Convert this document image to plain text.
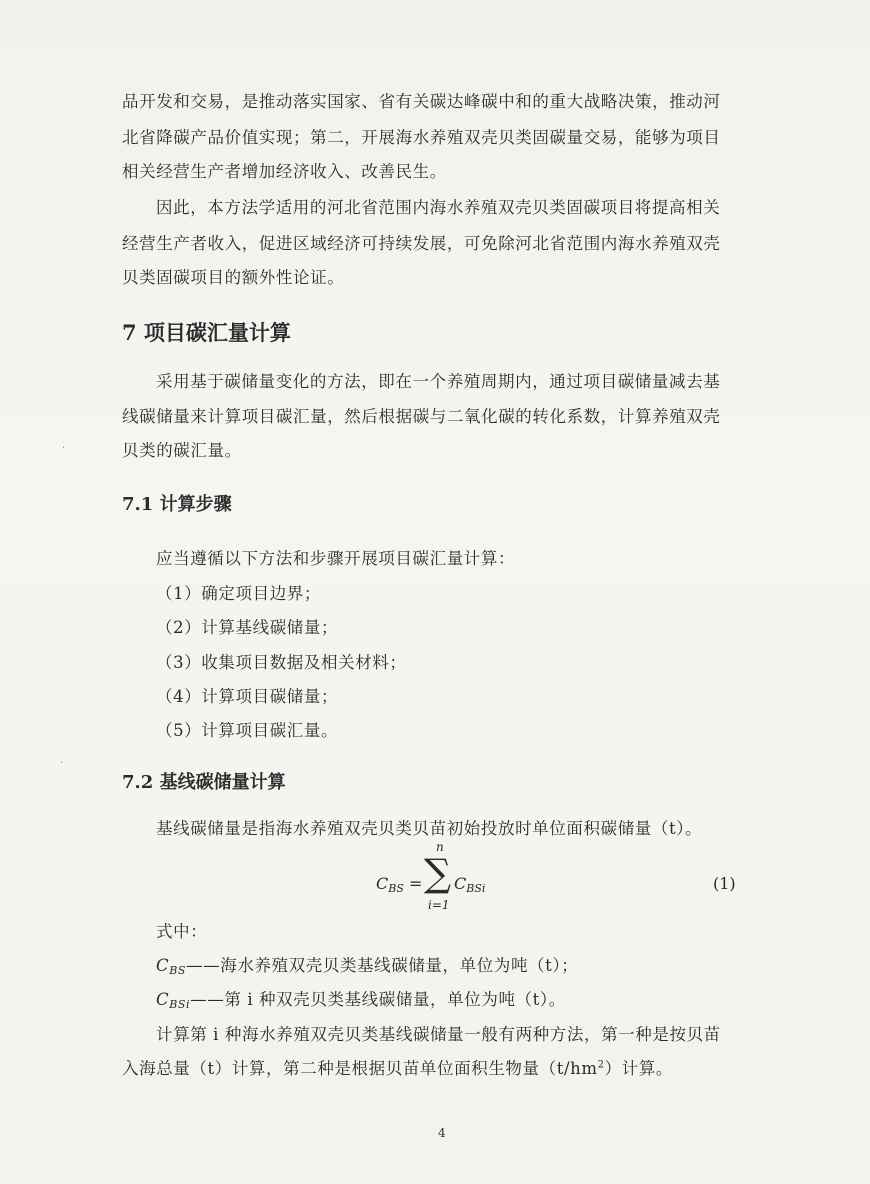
品开发和交易，是推动落实国家、省有关碳达峰碳中和的重大战略决策，推动河
北省降碳产品价值实现；第二，开展海水养殖双壳贝类固碳量交易，能够为项目
相关经营生产者增加经济收入、改善民生。
因此，本方法学适用的河北省范围内海水养殖双壳贝类固碳项目将提高相关
经营生产者收入，促进区域经济可持续发展，可免除河北省范围内海水养殖双壳
贝类固碳项目的额外性论证。
7 项目碳汇量计算
采用基于碳储量变化的方法，即在一个养殖周期内，通过项目碳储量减去基
线碳储量来计算项目碳汇量，然后根据碳与二氧化碳的转化系数，计算养殖双壳
贝类的碳汇量。
.
7.1 计算步骤
应当遵循以下方法和步骤开展项目碳汇量计算：
（1）确定项目边界；
（2）计算基线碳储量；
（3）收集项目数据及相关材料；
（4）计算项目碳储量；
（5）计算项目碳汇量。
.
7.2 基线碳储量计算
基线碳储量是指海水养殖双壳贝类贝苗初始投放时单位面积碳储量（t）。
$C_{BS}$ =
n
∑
i=1
$C_{BSi}$	(1)
式中：
$C_{BS}——$海水养殖双壳贝类基线碳储量，单位为吨（t）；
$C_{BSi}——$第 i 种双壳贝类基线碳储量，单位为吨（t）。
计算第 i 种海水养殖双壳贝类基线碳储量一般有两种方法，第一种是按贝苗
入海总量（t）计算，第二种是根据贝苗单位面积生物量$(t/hm^2)$计算。
4
